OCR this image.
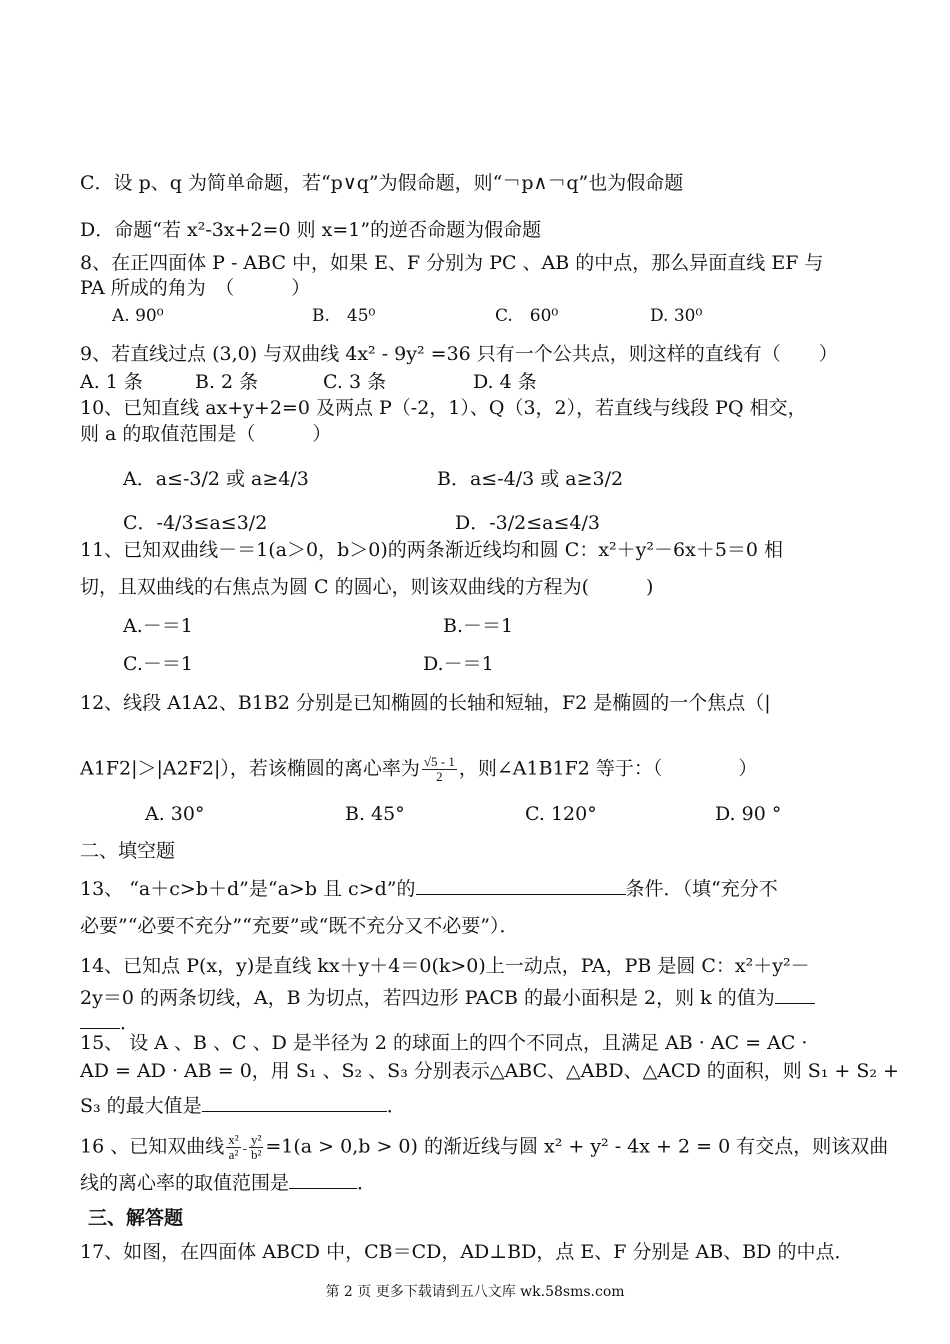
C．设 p、q 为简单命题，若“p∨q”为假命题，则“￢p∧￢q”也为假命题
D．命题“若 x²-3x+2=0 则 x=1”的逆否命题为假命题
8、在正四面体 P - ABC 中，如果 E、F 分别为 PC 、AB 的中点，那么异面直线 EF 与
PA 所成的角为　（　　　）
A. 90⁰	B.　45⁰	C.　60⁰	D. 30⁰
9、若直线过点 (3,0) 与双曲线 4x² - 9y² =36 只有一个公共点，则这样的直线有（　　）
A. 1 条	B. 2 条	C. 3 条	D. 4 条
10、已知直线 ax+y+2=0 及两点 P（-2，1）、Q（3，2），若直线与线段 PQ 相交，
则 a 的取值范围是（　　　）
A．a≤-3/2 或 a≥4/3	B．a≤-4/3 或 a≥3/2
C．-4/3≤a≤3/2	D．-3/2≤a≤4/3
11、已知双曲线－＝1(a＞0，b＞0)的两条渐近线均和圆 C：x²＋y²－6x＋5＝0 相
切，且双曲线的右焦点为圆 C 的圆心，则该双曲线的方程为(　　　)
A.－＝1	B.－＝1
C.－＝1	D.－＝1
12、线段 A1A2、B1B2 分别是已知椭圆的长轴和短轴，F2 是椭圆的一个焦点（|
A1F2|＞|A2F2|），若该椭圆的离心率为 $\frac{√5 - 1}{2}$ ，则∠A1B1F2 等于：（　　　　）
A. 30°	B. 45°	C. 120°	D. 90 °
二、填空题
13、 “a＋c>b＋d”是“a>b 且 c>d”的	条件．（填“充分不
必要”“必要不充分”“充要”或“既不充分又不必要”）．
14、已知点 P(x，y)是直线 kx＋y＋4＝0(k>0)上一动点，PA，PB 是圆 C：x²＋y²－
2y＝0 的两条切线，A，B 为切点，若四边形 PACB 的最小面积是 2，则 k 的值为
．
15、 设 A 、B 、C 、D 是半径为 2 的球面上的四个不同点，且满足 AB · AC = AC ·
AD = AD · AB = 0，用 S₁ 、S₂ 、S₃ 分别表示△ABC、△ABD、△ACD 的面积，则 S₁ + S₂ +
S₃ 的最大值是	．
16 、已知双曲线 $\frac{\text{x²}}{\text{a²}} - \frac{\text{y²}}{\text{b²}} =1(a > 0,b > 0)$ 的渐近线与圆 x² + y² - 4x + 2 = 0 有交点，则该双曲
线的离心率的取值范围是	．
三、解答题
17、如图，在四面体 ABCD 中，CB＝CD，AD⊥BD，点 E、F 分别是 AB、BD 的中点．
第 2 页 更多下载请到五八文库 wk.58sms.com
